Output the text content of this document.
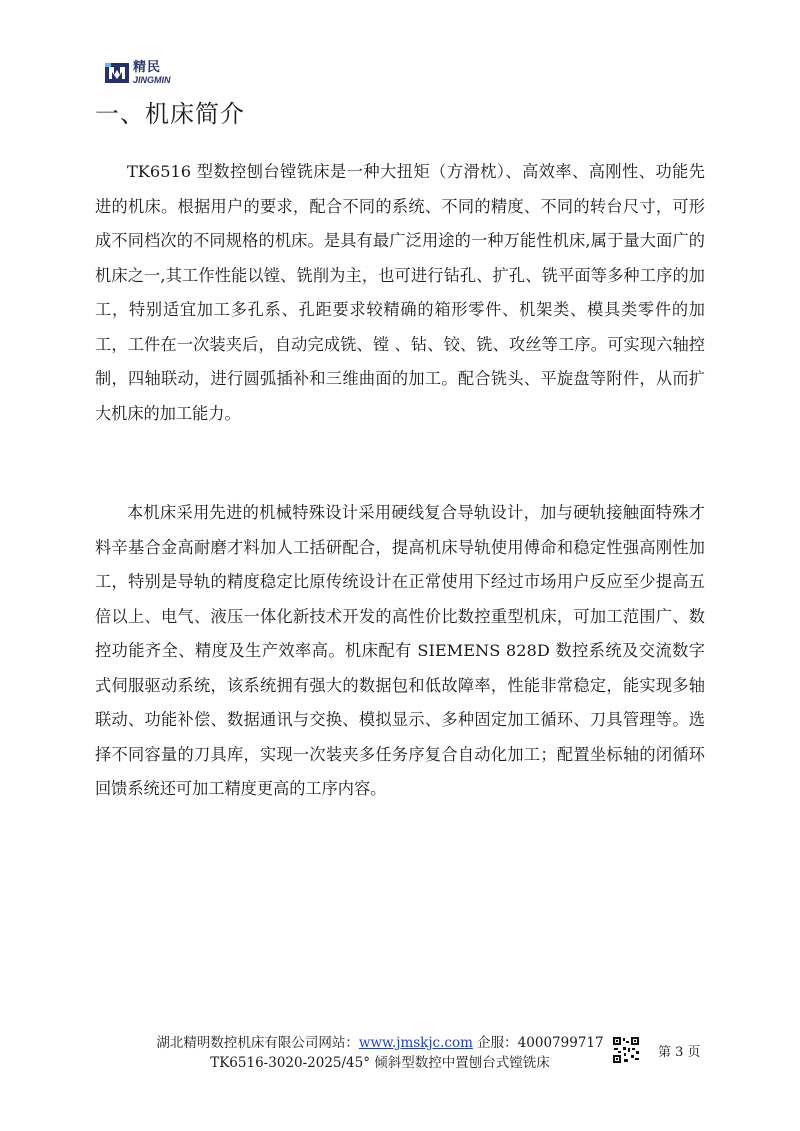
精民
JINGMIN
一、机床简介

TK6516 型数控刨台镗铣床是一种大扭矩（方滑枕）、高效率、高刚性、功能先进的机床。根据用户的要求，配合不同的系统、不同的精度、不同的转台尺寸，可形成不同档次的不同规格的机床。是具有最广泛用途的一种万能性机床,属于量大面广的机床之一,其工作性能以镗、铣削为主，也可进行钻孔、扩孔、铣平面等多种工序的加工，特别适宜加工多孔系、孔距要求较精确的箱形零件、机架类、模具类零件的加工，工件在一次装夹后，自动完成铣、镗 、钻、铰、铣、攻丝等工序。可实现六轴控制，四轴联动，进行圆弧插补和三维曲面的加工。配合铣头、平旋盘等附件，从而扩大机床的加工能力。

本机床采用先进的机械特殊设计采用硬线复合导轨设计，加与硬轨接触面特殊才料辛基合金高耐磨才料加人工括研配合，提高机床导轨使用傅命和稳定性强高刚性加工，特别是导轨的精度稳定比原传统设计在正常使用下经过市场用户反应至少提高五倍以上、电气、液压一体化新技术开发的高性价比数控重型机床，可加工范围广、数控功能齐全、精度及生产效率高。机床配有 SIEMENS 828D 数控系统及交流数字式伺服驱动系统，该系统拥有强大的数据包和低故障率，性能非常稳定，能实现多轴联动、功能补偿、数据通讯与交换、模拟显示、多种固定加工循环、刀具管理等。选择不同容量的刀具库，实现一次装夹多任务序复合自动化加工；配置坐标轴的闭循环回馈系统还可加工精度更高的工序内容。

湖北精明数控机床有限公司网站：www.jmskjc.com 企服：4000799717
TK6516-3020-2025/45° 倾斜型数控中置刨台式镗铣床
第 3 页
